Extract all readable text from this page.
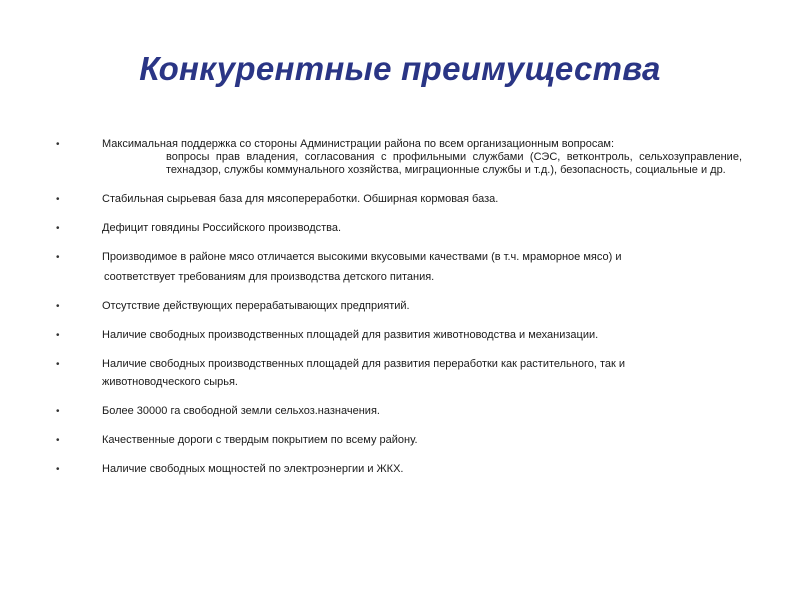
Конкурентные преимущества
•	Максимальная поддержка со стороны Администрации района по всем организационным вопросам:
вопросы прав владения, согласования с профильными службами (СЭС, ветконтроль, сельхозуправление, технадзор, службы коммунального хозяйства, миграционные службы и т.д.), безопасность, социальные и др.
•	Стабильная сырьевая база для мясопереработки. Обширная кормовая база.
•	Дефицит говядины Российского производства.
•	Производимое в районе мясо отличается высокими вкусовыми качествами (в т.ч. мраморное мясо) и
соответствует требованиям для производства детского питания.
•	Отсутствие действующих перерабатывающих предприятий.
•	Наличие свободных производственных площадей для развития животноводства и механизации.
•	Наличие свободных производственных площадей для развития переработки как растительного, так и
животноводческого сырья.
•	Более 30000 га свободной земли сельхоз.назначения.
•	Качественные дороги с твердым покрытием по всему району.
•	Наличие свободных мощностей по электроэнергии и ЖКХ.
